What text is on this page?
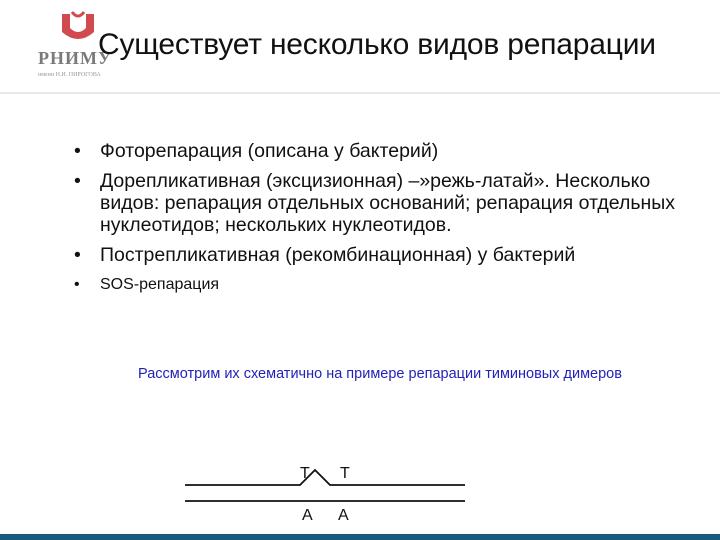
РНИМУ
имени Н.И. ПИРОГОВА
Существует несколько видов репарации
• Фоторепарация (описана у бактерий)
• Дорепликативная (эксцизионная) –»режь-латай». Несколько видов: репарация отдельных оснований; репарация отдельных нуклеотидов; нескольких нуклеотидов.
• Пострепликативная (рекомбинационная) у бактерий
• SOS-репарация
Рассмотрим их схематично на примере репарации тиминовых димеров
T T
A A
